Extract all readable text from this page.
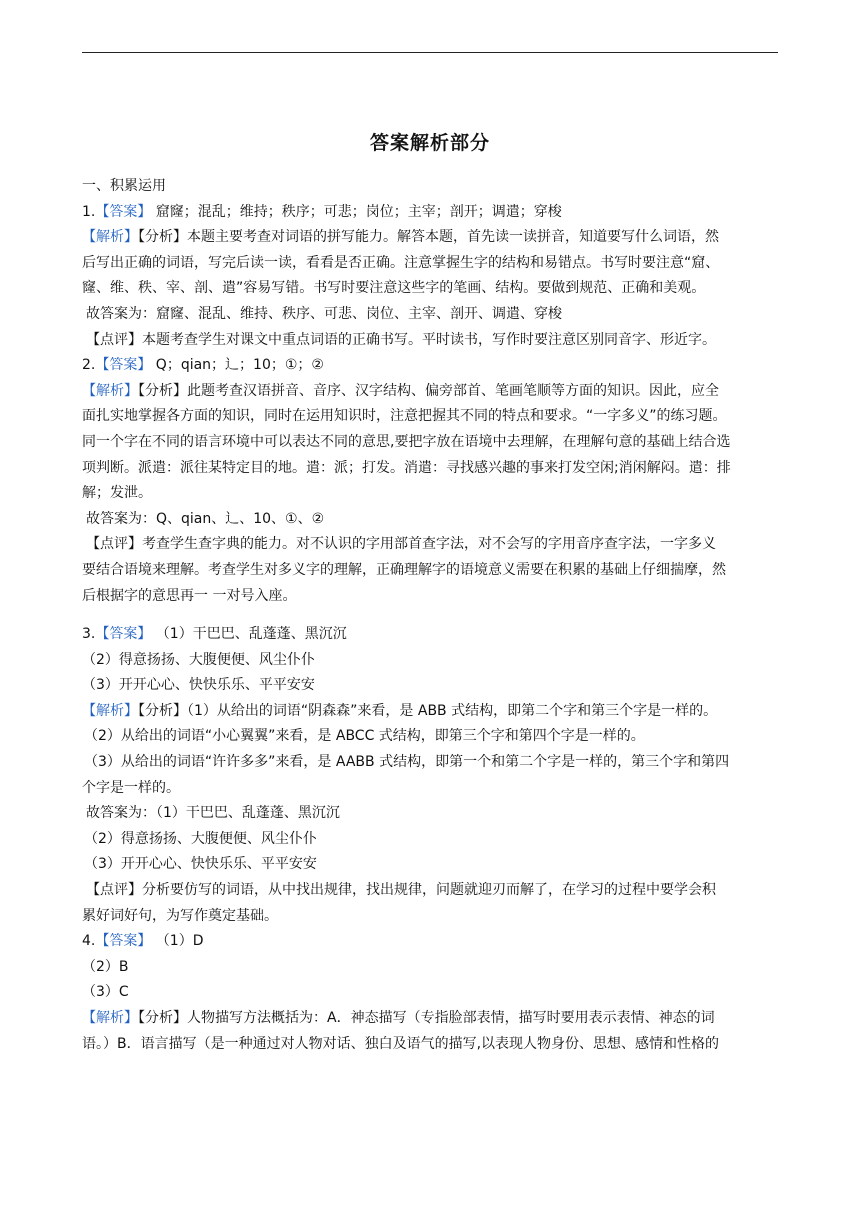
答案解析部分
一、积累运用
1.【答案】 窟窿；混乱；维持；秩序；可悲；岗位；主宰；剖开；调遣；穿梭
【解析】【分析】本题主要考查对词语的拼写能力。解答本题，首先读一读拼音，知道要写什么词语，然
后写出正确的词语，写完后读一读，看看是否正确。注意掌握生字的结构和易错点。书写时要注意“窟、
窿、维、秩、宰、剖、遣”容易写错。书写时要注意这些字的笔画、结构。要做到规范、正确和美观。
故答案为：窟窿、混乱、维持、秩序、可悲、岗位、主宰、剖开、调遣、穿梭
【点评】本题考查学生对课文中重点词语的正确书写。平时读书，写作时要注意区别同音字、形近字。
2.【答案】 Q；qian；辶；10；①；②
【解析】【分析】此题考查汉语拼音、音序、汉字结构、偏旁部首、笔画笔顺等方面的知识。因此，应全
面扎实地掌握各方面的知识，同时在运用知识时，注意把握其不同的特点和要求。“一字多义”的练习题。
同一个字在不同的语言环境中可以表达不同的意思,要把字放在语境中去理解，在理解句意的基础上结合选
项判断。派遣：派往某特定目的地。遣：派；打发。消遣：寻找感兴趣的事来打发空闲;消闲解闷。遣：排
解；发泄。
故答案为：Q、qian、辶、10、①、②
【点评】考查学生查字典的能力。对不认识的字用部首查字法，对不会写的字用音序查字法，一字多义
要结合语境来理解。考查学生对多义字的理解，正确理解字的语境意义需要在积累的基础上仔细揣摩，然
后根据字的意思再一 一对号入座。
3.【答案】 （1）干巴巴、乱蓬蓬、黑沉沉
（2）得意扬扬、大腹便便、风尘仆仆
（3）开开心心、快快乐乐、平平安安
【解析】【分析】（1）从给出的词语“阴森森”来看，是 ABB 式结构，即第二个字和第三个字是一样的。
（2）从给出的词语“小心翼翼”来看，是 ABCC 式结构，即第三个字和第四个字是一样的。
（3）从给出的词语“许许多多”来看，是 AABB 式结构，即第一个和第二个字是一样的，第三个字和第四
个字是一样的。
故答案为：（1）干巴巴、乱蓬蓬、黑沉沉
（2）得意扬扬、大腹便便、风尘仆仆
（3）开开心心、快快乐乐、平平安安
【点评】分析要仿写的词语，从中找出规律，找出规律，问题就迎刃而解了，在学习的过程中要学会积
累好词好句，为写作奠定基础。
4.【答案】 （1）D
（2）B
（3）C
【解析】【分析】人物描写方法概括为：A．神态描写（专指脸部表情，描写时要用表示表情、神态的词
语。）B．语言描写（是一种通过对人物对话、独白及语气的描写,以表现人物身份、思想、感情和性格的
